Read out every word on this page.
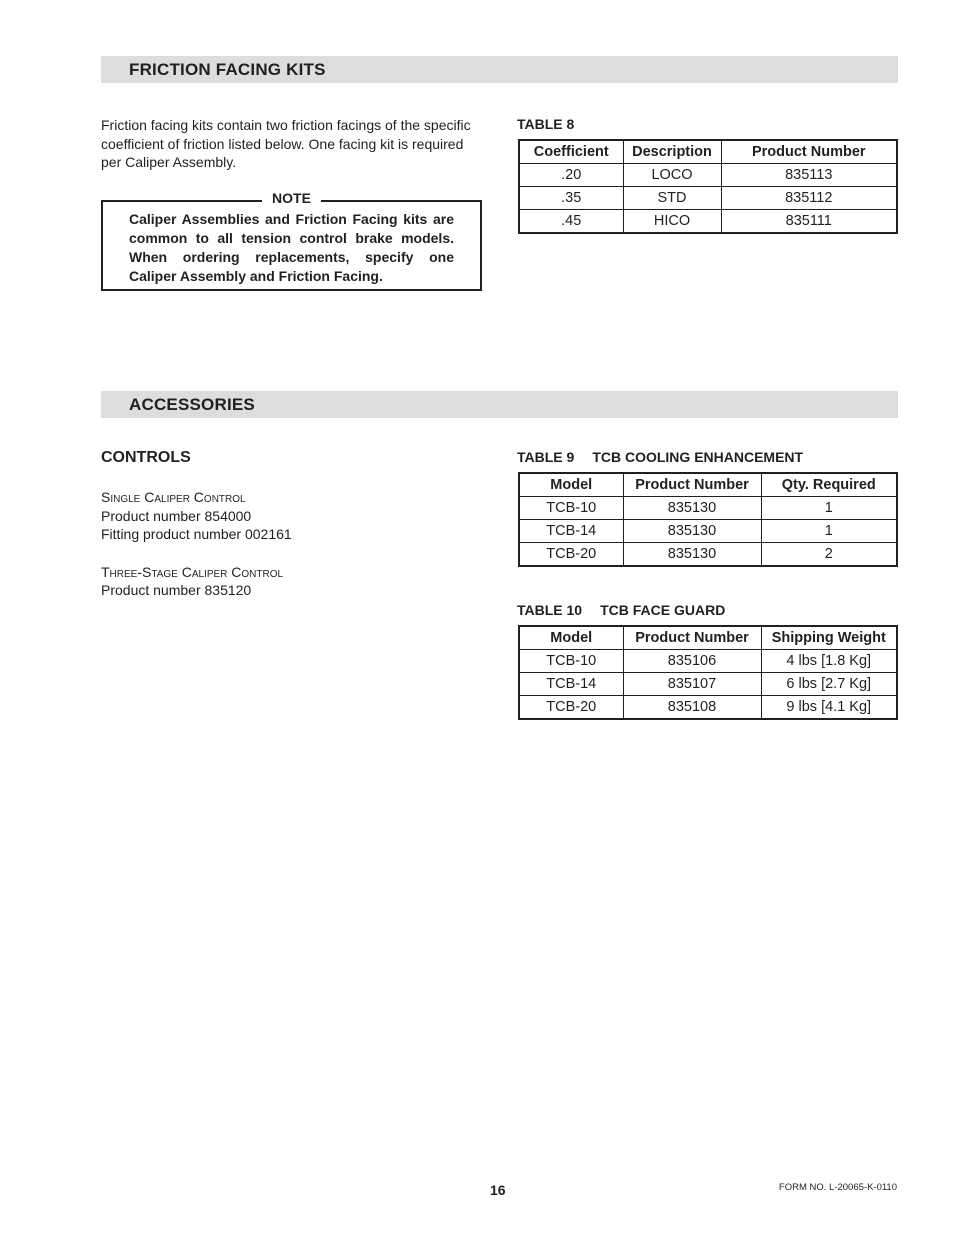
FRICTION FACING KITS
Friction facing kits contain two friction facings of the specific
coefficient of friction listed below. One facing kit is required
per Caliper Assembly.
NOTE

Caliper Assemblies and Friction Facing kits are common to all tension control brake models. When ordering replacements, specify one Caliper Assembly and Friction Facing.

TABLE 8
Coefficient	Description	Product Number
.20	LOCO	835113
.35	STD	835112
.45	HICO	835111
ACCESSORIES
CONTROLS
Single Caliper Control
Product number 854000
Fitting product number 002161
Three-Stage Caliper Control
Product number 835120
TABLE 9 TCB COOLING ENHANCEMENT
Model	Product Number	Qty. Required
TCB-10	835130	1
TCB-14	835130	1
TCB-20	835130	2
TABLE 10 TCB FACE GUARD
Model	Product Number	Shipping Weight
TCB-10	835106	4 lbs [1.8 Kg]
TCB-14	835107	6 lbs [2.7 Kg]
TCB-20	835108	9 lbs [4.1 Kg]
16	FORM NO. L-20065-K-0110
